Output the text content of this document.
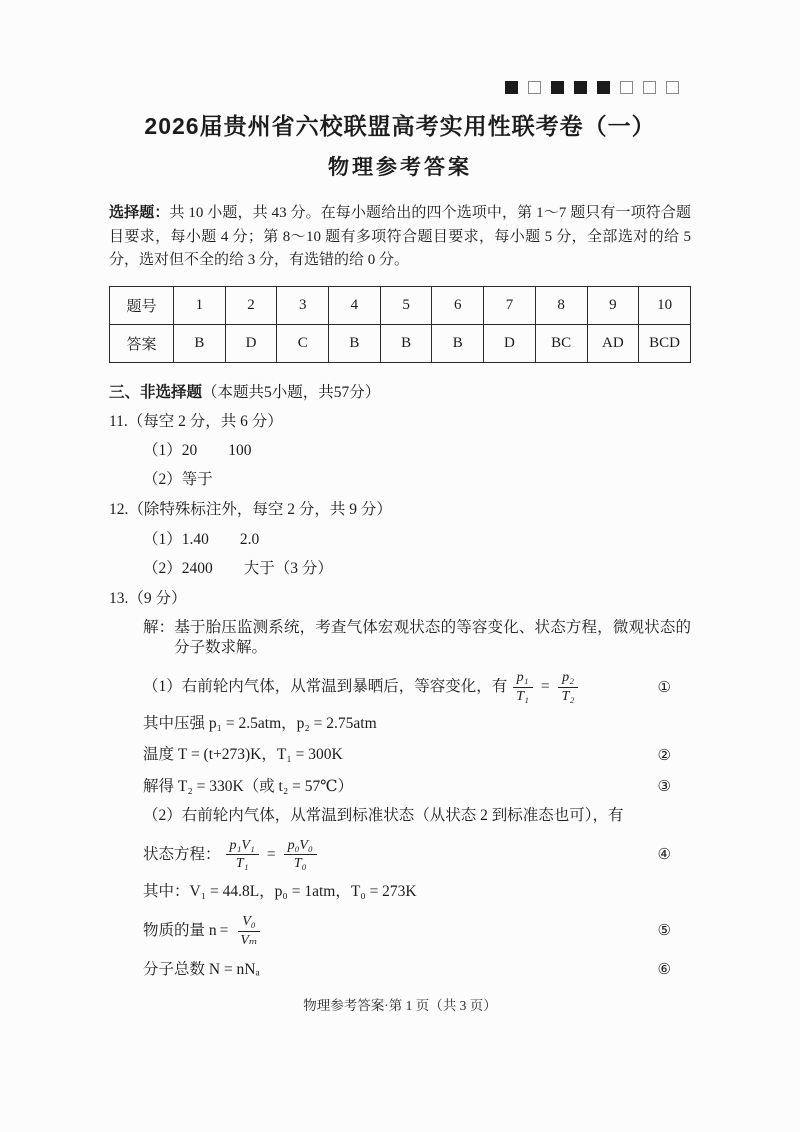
2026届贵州省六校联盟高考实用性联考卷（一）
物理参考答案

选择题：共 10 小题，共 43 分。在每小题给出的四个选项中，第 1～7 题只有一项符合题目要求，每小题 4 分；第 8～10 题有多项符合题目要求，每小题 5 分，全部选对的给 5 分，选对但不全的给 3 分，有选错的给 0 分。

题号	1	2	3	4	5	6	7	8	9	10
答案	B	D	C	B	B	B	D	BC	AD	BCD

三、非选择题（本题共5小题，共57分）

11.（每空 2 分，共 6 分）

（1）20　　100

（2）等于

12.（除特殊标注外，每空 2 分，共 9 分）

（1）1.40　　2.0

（2）2400　　大于（3 分）

13.（9 分）

解：基于胎压监测系统，考查气体宏观状态的等容变化、状态方程，微观状态的分子数求解。

（1）右前轮内气体，从常温到暴晒后，等容变化，有 $\frac{\text{p₁}}{\text{T₁}} = \frac{\text{p₂}}{\text{T₂}}$	①

其中压强 p₁ = 2.5atm，p₂ = 2.75atm

温度 T = (t+273)K，T₁ = 300K	②
解得 T₂ = 330K（或 t₂ = 57℃）	③

（2）右前轮内气体，从常温到标准状态（从状态 2 到标准态也可），有

状态方程： $\frac{\text{p₁V₁}}{\text{T₁}} = \frac{\text{p₀V₀}}{\text{T₀}}$	④

其中：V₁ = 44.8L，p₀ = 1atm，T₀ = 273K

物质的量 $n = \frac{\text{V₀}}{\text{Vₘ}}$	⑤
分子总数 N = nNₐ	⑥
物理参考答案·第 1 页（共 3 页）
